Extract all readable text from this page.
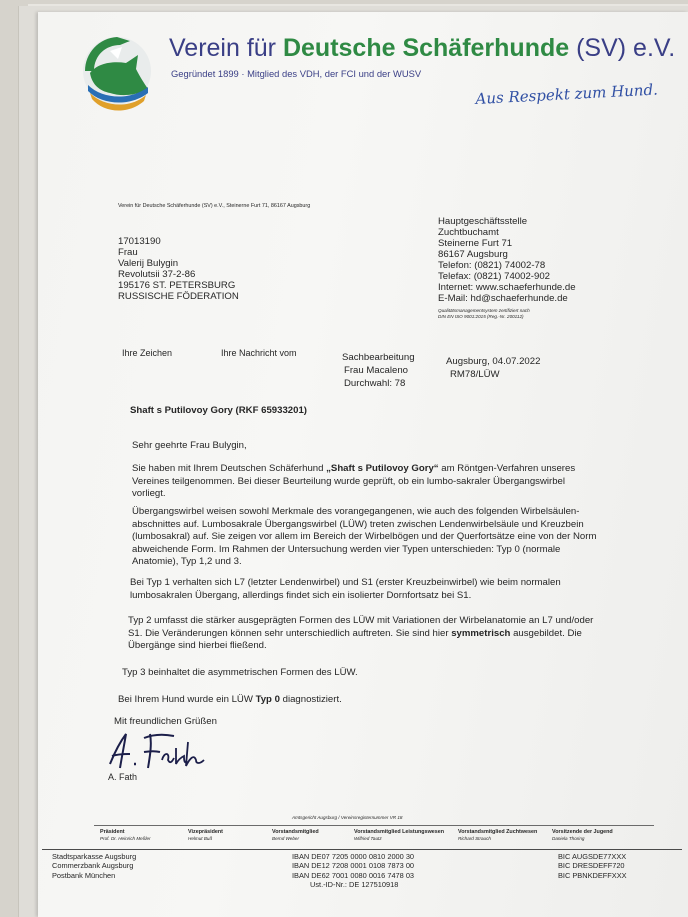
Verein für Deutsche Schäferhunde (SV) e.V.
Gegründet 1899 · Mitglied des VDH, der FCI und der WUSV
Aus Respekt zum Hund.
Verein für Deutsche Schäferhunde (SV) e.V., Steinerne Furt 71, 86167 Augsburg
17013190
Frau
Valerij Bulygin
Revolutsii 37-2-86
195176 ST. PETERSBURG
RUSSISCHE FÖDERATION
Hauptgeschäftsstelle
Zuchtbuchamt
Steinerne Furt 71
86167 Augsburg
Telefon: (0821) 74002-78
Telefax: (0821) 74002-902
Internet: www.schaeferhunde.de
E-Mail: hd@schaeferhunde.de
Qualitätsmanagementsystem zertifiziert nach
DIN EN ISO 9001:2015 (Reg.-Nr. 200112)
Ihre Zeichen	Ihre Nachricht vom	Sachbearbeitung
Frau Macaleno
Durchwahl: 78
Augsburg, 04.07.2022
RM78/LÜW
Shaft s Putilovoy Gory (RKF 65933201)
Sehr geehrte Frau Bulygin,
Sie haben mit Ihrem Deutschen Schäferhund „Shaft s Putilovoy Gory“ am Röntgen-Verfahren unseres Vereines teilgenommen. Bei dieser Beurteilung wurde geprüft, ob ein lumbo-sakraler Übergangswirbel vorliegt.
Übergangswirbel weisen sowohl Merkmale des vorangegangenen, wie auch des folgenden Wirbelsäulen-abschnittes auf. Lumbosakrale Übergangswirbel (LÜW) treten zwischen Lendenwirbelsäule und Kreuzbein (lumbosakral) auf. Sie zeigen vor allem im Bereich der Wirbelbögen und der Querfortsätze eine von der Norm abweichende Form. Im Rahmen der Untersuchung werden vier Typen unterschieden: Typ 0 (normale Anatomie), Typ 1,2 und 3.
Bei Typ 1 verhalten sich L7 (letzter Lendenwirbel) und S1 (erster Kreuzbeinwirbel) wie beim normalen lumbosakralen Übergang, allerdings findet sich ein isolierter Dornfortsatz bei S1.
Typ 2 umfasst die stärker ausgeprägten Formen des LÜW mit Variationen der Wirbelanatomie an L7 und/oder S1. Die Veränderungen können sehr unterschiedlich auftreten. Sie sind hier symmetrisch ausgebildet. Die Übergänge sind hierbei fließend.
Typ 3 beinhaltet die asymmetrischen Formen des LÜW.
Bei Ihrem Hund wurde ein LÜW Typ 0 diagnostiziert.
Mit freundlichen Grüßen
A. Fath
Amtsgericht Augsburg / Vereinsregisternummer VR 18
Präsident
Prof. Dr. Heinrich Meßler
Vizepräsident
Helmut Buß
Vorstandsmitglied
Bernd Weber
Vorstandsmitglied Leistungswesen
Wilfried Tautz
Vorstandsmitglied Zuchtwesen
Richard Strauch
Vorsitzende der Jugend
Daniela Thoring
Stadtsparkasse Augsburg
Commerzbank Augsburg
Postbank München
IBAN DE07 7205 0000 0810 2000 30
IBAN DE12 7208 0001 0108 7873 00
IBAN DE62 7001 0080 0016 7478 03
Ust.-ID-Nr.: DE 127510918
BIC AUGSDE77XXX
BIC DRESDEFF720
BIC PBNKDEFFXXX
